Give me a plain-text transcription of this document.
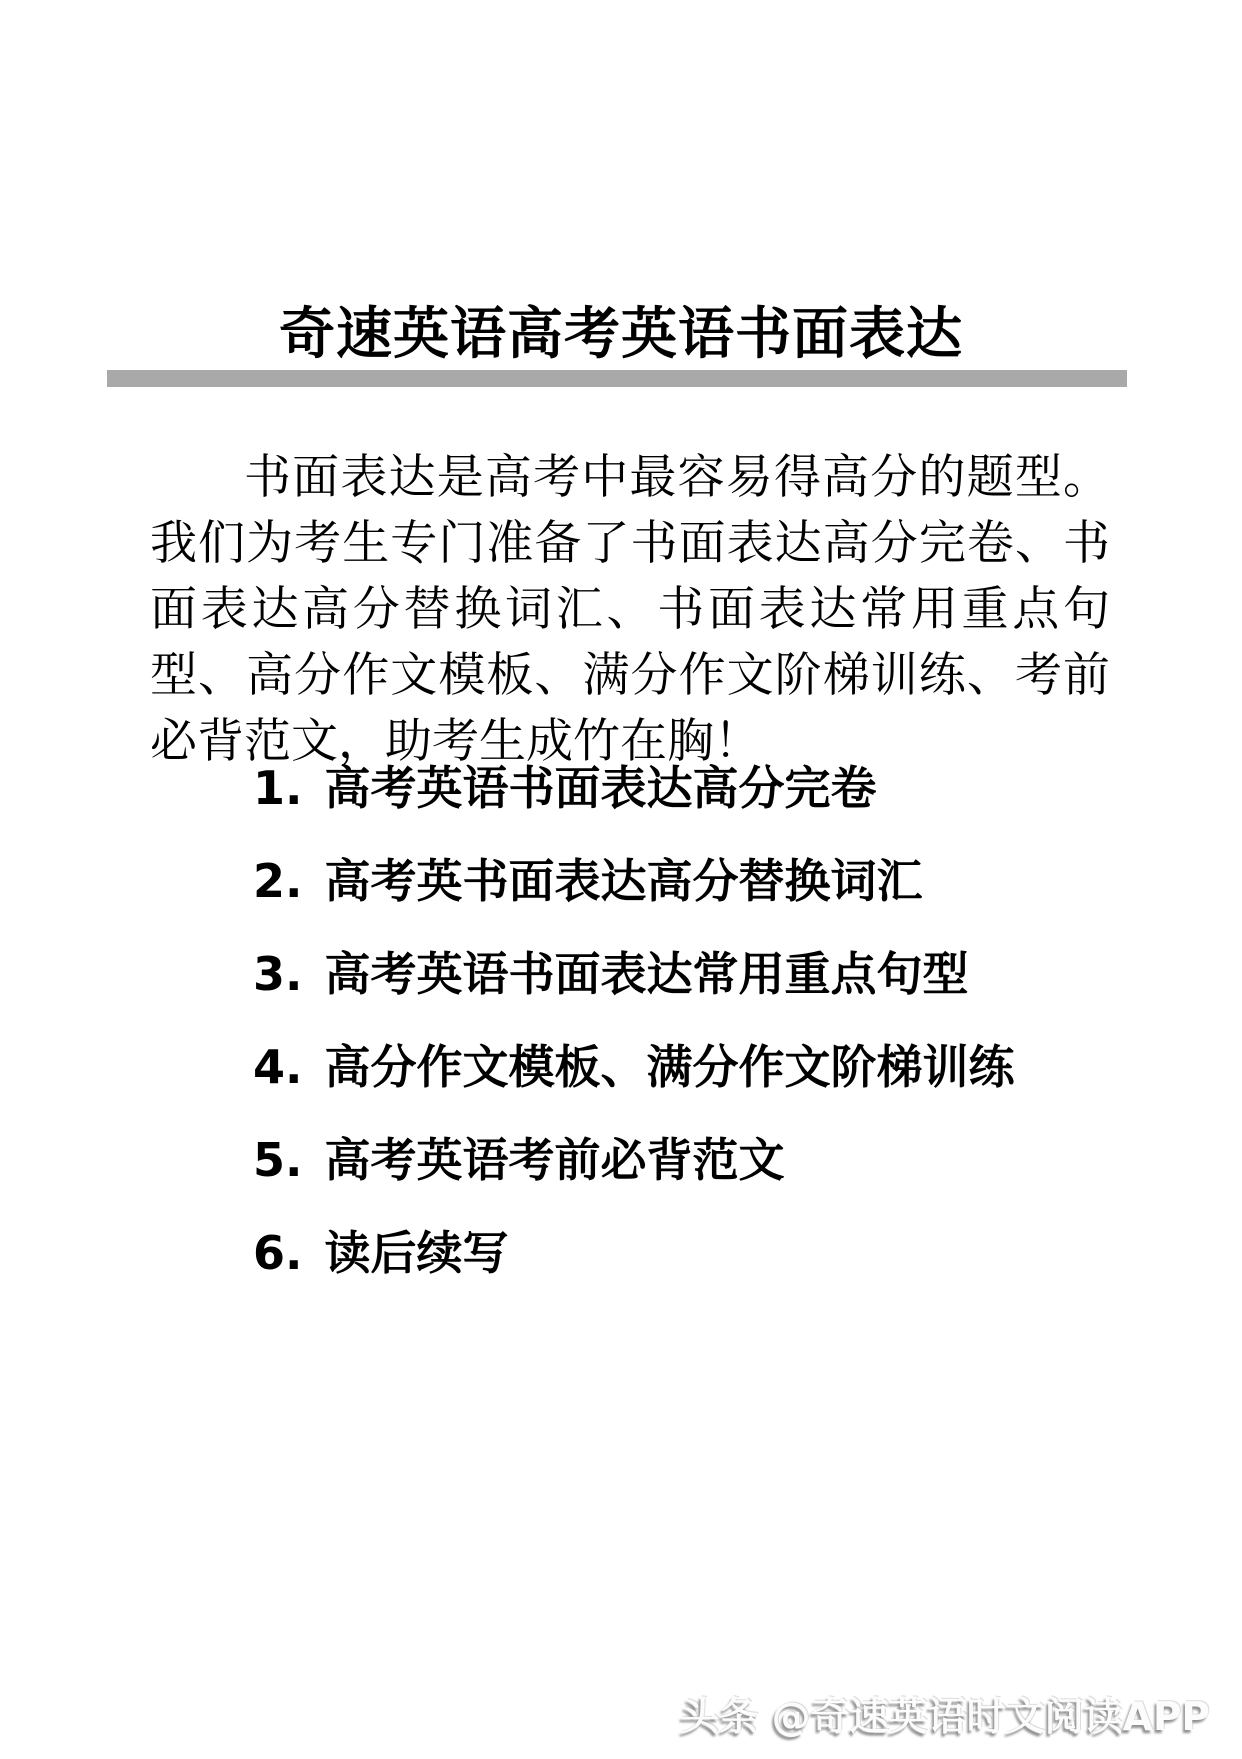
奇速英语高考英语书面表达

书面表达是高考中最容易得高分的题型。我们为考生专门准备了书面表达高分完卷、书面表达高分替换词汇、书面表达常用重点句型、高分作文模板、满分作文阶梯训练、考前必背范文，助考生成竹在胸！

1. 高考英语书面表达高分完卷
2. 高考英书面表达高分替换词汇
3. 高考英语书面表达常用重点句型
4. 高分作文模板、满分作文阶梯训练
5. 高考英语考前必背范文
6. 读后续写
头条 @奇速英语时文阅读APP
